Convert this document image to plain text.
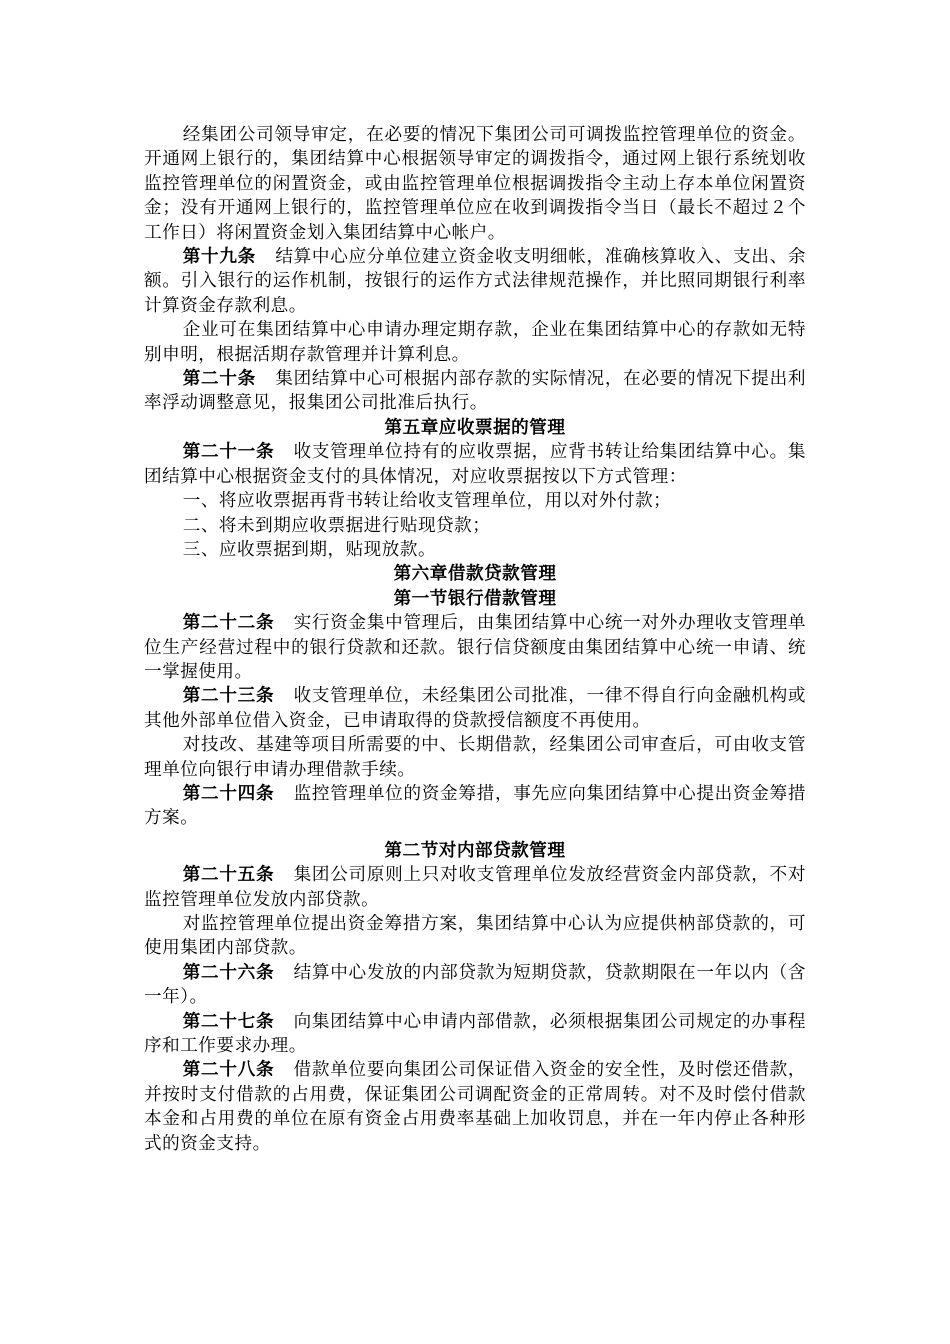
经集团公司领导审定，在必要的情况下集团公司可调拨监控管理单位的资金。开通网上银行的，集团结算中心根据领导审定的调拨指令，通过网上银行系统划收监控管理单位的闲置资金，或由监控管理单位根据调拨指令主动上存本单位闲置资金；没有开通网上银行的，监控管理单位应在收到调拨指令当日（最长不超过２个工作日）将闲置资金划入集团结算中心帐户。

第十九条 结算中心应分单位建立资金收支明细帐，准确核算收入、支出、余额。引入银行的运作机制，按银行的运作方式法律规范操作，并比照同期银行利率计算资金存款利息。

企业可在集团结算中心申请办理定期存款，企业在集团结算中心的存款如无特别申明，根据活期存款管理并计算利息。

第二十条 集团结算中心可根据内部存款的实际情况，在必要的情况下提出利率浮动调整意见，报集团公司批准后执行。

第五章应收票据的管理

第二十一条 收支管理单位持有的应收票据，应背书转让给集团结算中心。集团结算中心根据资金支付的具体情况，对应收票据按以下方式管理：

一、将应收票据再背书转让给收支管理单位，用以对外付款；

二、将未到期应收票据进行贴现贷款；

三、应收票据到期，贴现放款。

第六章借款贷款管理

第一节银行借款管理

第二十二条 实行资金集中管理后，由集团结算中心统一对外办理收支管理单位生产经营过程中的银行贷款和还款。银行信贷额度由集团结算中心统一申请、统一掌握使用。

第二十三条 收支管理单位，未经集团公司批准，一律不得自行向金融机构或其他外部单位借入资金，已申请取得的贷款授信额度不再使用。

对技改、基建等项目所需要的中、长期借款，经集团公司审查后，可由收支管理单位向银行申请办理借款手续。

第二十四条 监控管理单位的资金筹措，事先应向集团结算中心提出资金筹措方案。

第二节对内部贷款管理

第二十五条 集团公司原则上只对收支管理单位发放经营资金内部贷款，不对监控管理单位发放内部贷款。

对监控管理单位提出资金筹措方案，集团结算中心认为应提供枘部贷款的，可使用集团内部贷款。

第二十六条 结算中心发放的内部贷款为短期贷款，贷款期限在一年以内（含一年）。

第二十七条 向集团结算中心申请内部借款，必须根据集团公司规定的办事程序和工作要求办理。

第二十八条 借款单位要向集团公司保证借入资金的安全性，及时偿还借款，并按时支付借款的占用费，保证集团公司调配资金的正常周转。对不及时偿付借款本金和占用费的单位在原有资金占用费率基础上加收罚息，并在一年内停止各种形式的资金支持。
